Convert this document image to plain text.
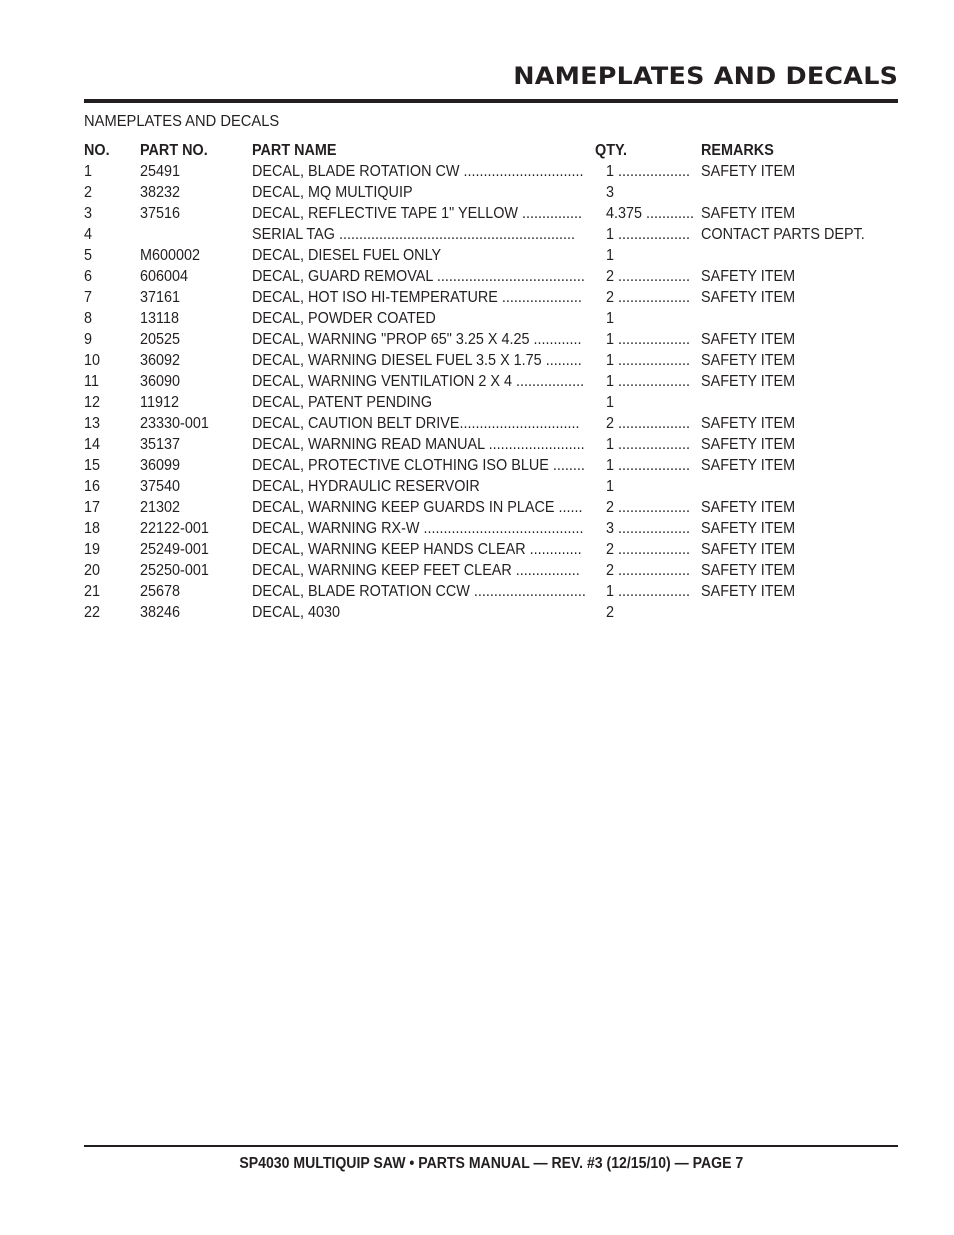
NAMEPLATES AND DECALS
NAMEPLATES AND DECALS
NO. PART NO.	PART NAME	QTY.	REMARKS
1	25491	DECAL, BLADE ROTATION CW .............................. 1 .................. SAFETY ITEM
2	38232	DECAL, MQ MULTIQUIP	3
3	37516	DECAL, REFLECTIVE TAPE 1" YELLOW ............... 4.375 ............ SAFETY ITEM
4	SERIAL TAG ........................................................... 1 .................. CONTACT PARTS DEPT.
5	M600002	DECAL, DIESEL FUEL ONLY	1
6	606004	DECAL, GUARD REMOVAL ..................................... 2 .................. SAFETY ITEM
7	37161	DECAL, HOT ISO HI-TEMPERATURE .................... 2 .................. SAFETY ITEM
8	13118	DECAL, POWDER COATED	1
9	20525	DECAL, WARNING "PROP 65" 3.25 X 4.25 ............ 1 .................. SAFETY ITEM
10 36092	DECAL, WARNING DIESEL FUEL 3.5 X 1.75 ......... 1 .................. SAFETY ITEM
11	36090	DECAL, WARNING VENTILATION 2 X 4 ................. 1 .................. SAFETY ITEM
12 11912	DECAL, PATENT PENDING	1
13 23330-001	DECAL, CAUTION BELT DRIVE.............................. 2 .................. SAFETY ITEM
14 35137	DECAL, WARNING READ MANUAL ........................ 1 .................. SAFETY ITEM
15 36099	DECAL, PROTECTIVE CLOTHING ISO BLUE ........ 1 .................. SAFETY ITEM
16 37540	DECAL, HYDRAULIC RESERVOIR	1
17 21302	DECAL, WARNING KEEP GUARDS IN PLACE ...... 2 .................. SAFETY ITEM
18 22122-001	DECAL, WARNING RX-W ........................................ 3 .................. SAFETY ITEM
19 25249-001	DECAL, WARNING KEEP HANDS CLEAR ............. 2 .................. SAFETY ITEM
20 25250-001	DECAL, WARNING KEEP FEET CLEAR ................ 2 .................. SAFETY ITEM
21 25678	DECAL, BLADE ROTATION CCW ............................ 1 .................. SAFETY ITEM
22 38246	DECAL, 4030	2
SP4030 MULTIQUIP SAW • PARTS MANUAL — REV. #3 (12/15/10) — PAGE 7
